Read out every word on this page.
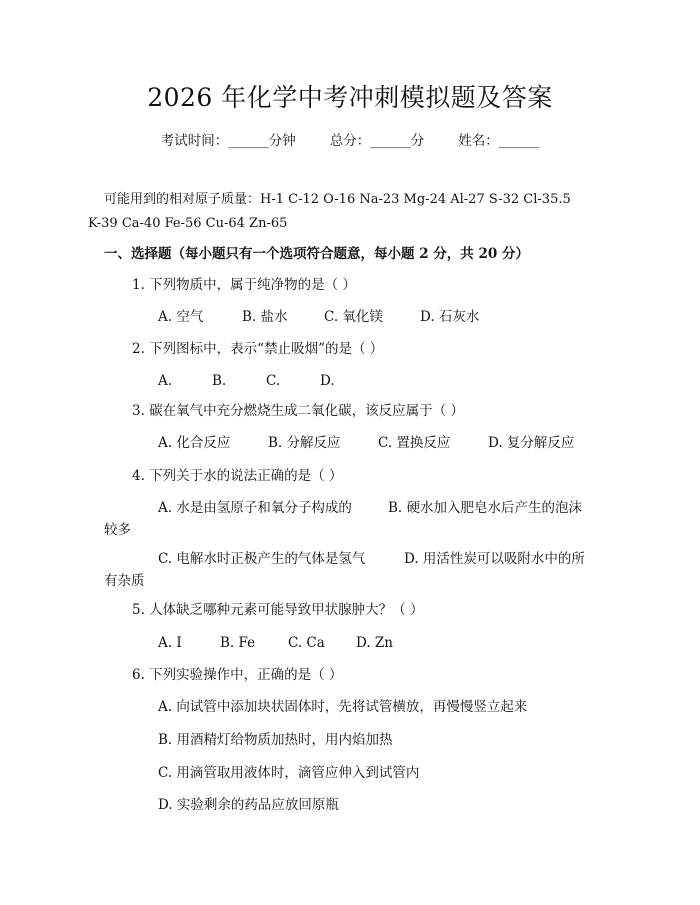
2026 年化学中考冲刺模拟题及答案
考试时间：______分钟	总分：______分	姓名：______
可能用到的相对原子质量：H-1 C-12 O-16 Na-23 Mg-24 Al-27 S-32 Cl-35.5
K-39 Ca-40 Fe-56 Cu-64 Zn-65
一、选择题（每小题只有一个选项符合题意，每小题 2 分，共 20 分）
1. 下列物质中，属于纯净物的是（ ）
A. 空气	B. 盐水	C. 氧化镁	D. 石灰水
2. 下列图标中，表示“禁止吸烟”的是（ ）
A.	B.	C.	D.
3. 碳在氧气中充分燃烧生成二氧化碳，该反应属于（ ）
A. 化合反应	B. 分解反应	C. 置换反应	D. 复分解反应
4. 下列关于水的说法正确的是（ ）
A. 水是由氢原子和氧分子构成的	B. 硬水加入肥皂水后产生的泡沫
较多
C. 电解水时正极产生的气体是氢气	D. 用活性炭可以吸附水中的所
有杂质
5. 人体缺乏哪种元素可能导致甲状腺肿大？（ ）
A. I	B. Fe C. Ca D. Zn
6. 下列实验操作中，正确的是（ ）
A. 向试管中添加块状固体时，先将试管横放，再慢慢竖立起来
B. 用酒精灯给物质加热时，用内焰加热
C. 用滴管取用液体时，滴管应伸入到试管内
D. 实验剩余的药品应放回原瓶
